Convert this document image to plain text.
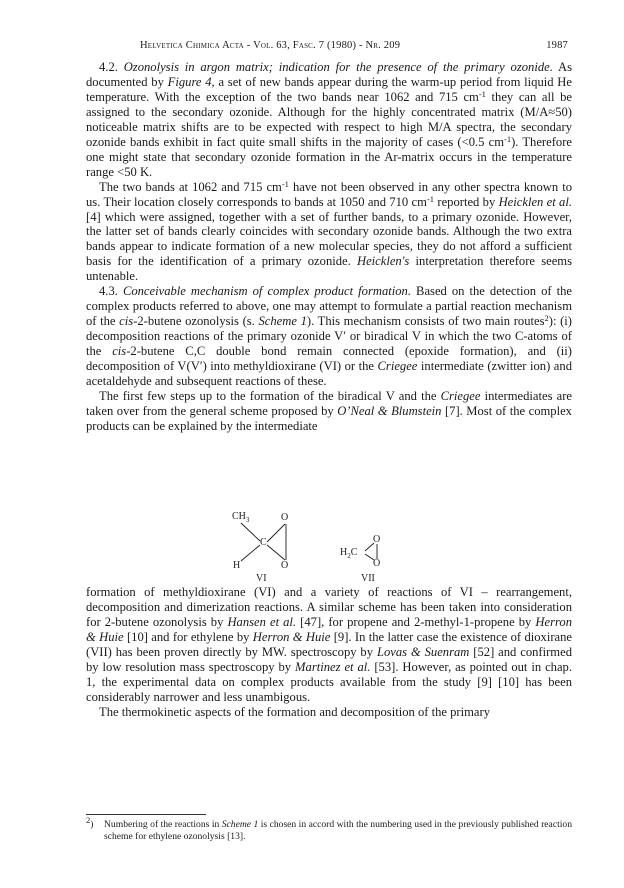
Helvetica Chimica Acta - Vol. 63, Fasc. 7 (1980) - Nr. 209	1987

4.2. Ozonolysis in argon matrix; indication for the presence of the primary ozonide. As documented by Figure 4, a set of new bands appear during the warm-up period from liquid He temperature. With the exception of the two bands near 1062 and 715 $cm^{-1}$ they can all be assigned to the secondary ozonide. Although for the highly concentrated matrix (M/A≈50) noticeable matrix shifts are to be expected with respect to high M/A spectra, the secondary ozonide bands exhibit in fact quite small shifts in the majority of cases (<0.5 $cm^{-1}$). Therefore one might state that secondary ozonide formation in the Ar-matrix occurs in the temperature range <50 K.

The two bands at 1062 and 715 $cm^{-1}$ have not been observed in any other spectra known to us. Their location closely corresponds to bands at 1050 and 710 $cm^{-1}$ reported by Heicklen et al. [4] which were assigned, together with a set of further bands, to a primary ozonide. However, the latter set of bands clearly coincides with secondary ozonide bands. Although the two extra bands appear to indicate formation of a new molecular species, they do not afford a sufficient basis for the identification of a primary ozonide. Heicklen's interpretation therefore seems untenable.

4.3. Conceivable mechanism of complex product formation. Based on the detection of the complex products referred to above, one may attempt to formulate a partial reaction mechanism of the cis-2-butene ozonolysis (s. Scheme 1). This mechanism consists of two main routes$^2$): (i) decomposition reactions of the primary ozonide V′ or biradical V in which the two C-atoms of the cis-2-butene C,C double bond remain connected (epoxide formation), and (ii) decomposition of V(V′) into methyldioxirane (VI) or the Criegee intermediate (zwitter ion) and acetaldehyde and subsequent reactions of these.

The first few steps up to the formation of the biradical V and the Criegee intermediates are taken over from the general scheme proposed by O’Neal & Blumstein [7]. Most of the complex products can be explained by the intermediate

$CH_3$	O
C
H	O
VI
$H_2C$
O
O
VII

formation of methyldioxirane (VI) and a variety of reactions of VI – rearrangement, decomposition and dimerization reactions. A similar scheme has been taken into consideration for 2-butene ozonolysis by Hansen et al. [47], for propene and 2-methyl-1-propene by Herron & Huie [10] and for ethylene by Herron & Huie [9]. In the latter case the existence of dioxirane (VII) has been proven directly by MW. spectroscopy by Lovas & Suenram [52] and confirmed by low resolution mass spectroscopy by Martinez et al. [53]. However, as pointed out in chap. 1, the experimental data on complex products available from the study [9] [10] has been considerably narrower and less unambigous.

The thermokinetic aspects of the formation and decomposition of the primary

$^2$) Numbering of the reactions in Scheme 1 is chosen in accord with the numbering used in the previously published reaction scheme for ethylene ozonolysis [13].
